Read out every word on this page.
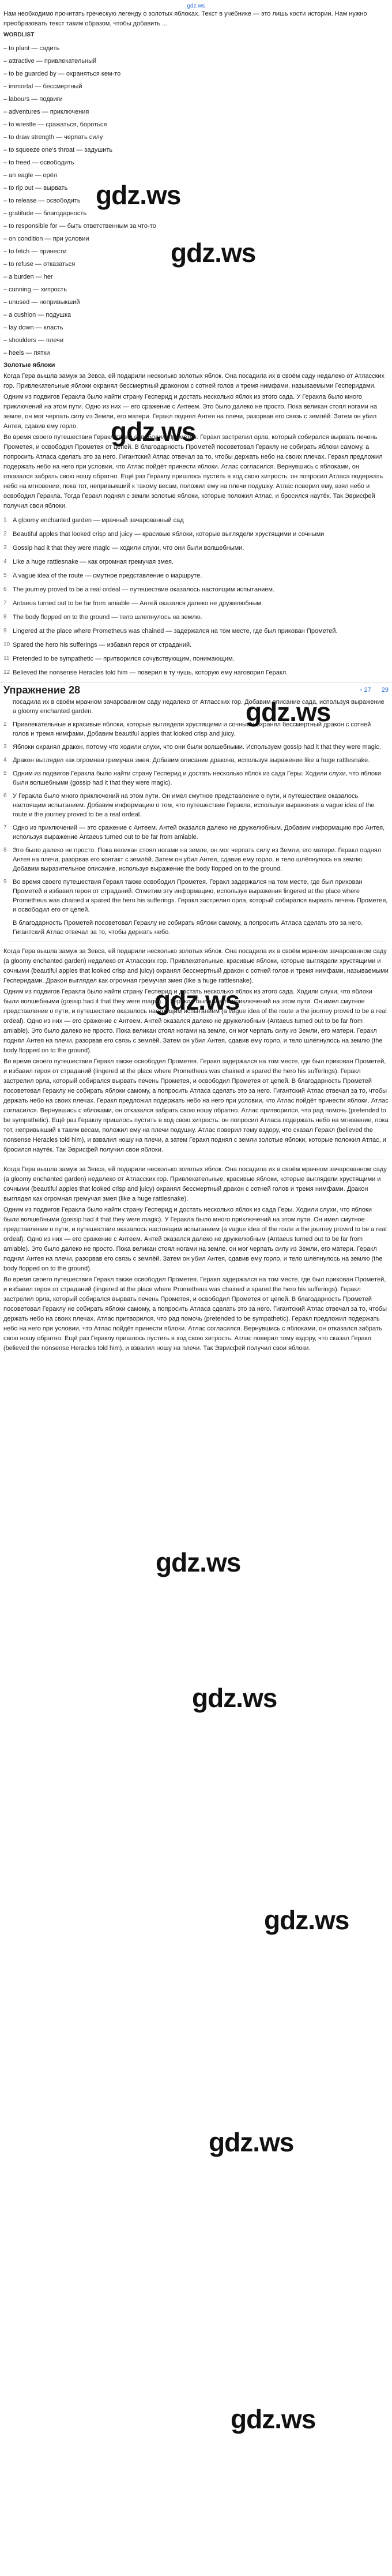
gdz.ws

Нам необходимо прочитать греческую легенду о золотых яблоках. Текст в учебнике — это лишь кости истории. Нам нужно преобразовать текст таким образом, чтобы добавить ...

WORDLIST
– to plant — садить
– attractive — привлекательный
– to be guarded by — охраняться кем-то
– immortal — бессмертный
– labours — подвиги
– adventures — приключения
– to wrestle — сражаться, бороться
– to draw strength — черпать силу
– to squeeze one's throat — задушить
– to freed — освободить
– an eagle — орёл
– to rip out — вырвать
– to release — освободить
– gratitude — благодарность
– to responsible for — быть ответственным за что-то
– on condition — при условии
– to fetch — принести
– to refuse — отказаться
– a burden — her
– cunning — хитрость
– unused — непривыкший
– a cushion — подушка
– lay down — класть
– shoulders — плечи
– heels — пятки
Золотые яблоки

Когда Гера вышла замуж за Зевса, ей подарили несколько золотых яблок. Она посадила их в своём саду недалеко от Атласских гор. Привлекательные яблоки охранял бессмертный драконом с сотней голов и тремя нимфами, называемыми Гесперидами.

Одним из подвигов Геракла было найти страну Гесперид и достать несколько яблок из этого сада. У Геракла было много приключений на этом пути. Одно из них — его сражение с Антеем. Это было далеко не просто. Пока великан стоял ногами на земле, он мог черпать силу из Земли, его матери. Геракл поднял Антея на плечи, разорвав его связь с землёй. Затем он убил Антея, сдавив ему горло.

Во время своего путешествия Геракл также освободил Прометея. Геракл застрелил орла, который собирался вырвать печень Прометея, и освободил Прометея от цепей. В благодарность Прометей посоветовал Гераклу не собирать яблоки самому, а попросить Атласа сделать это за него. Гигантский Атлас отвечал за то, чтобы держать небо на своих плечах. Геракл предложил подержать небо на него при условии, что Атлас пойдёт принести яблоки. Атлас согласился. Вернувшись с яблоками, он отказался забрать свою ношу обратно. Ещё раз Гераклу пришлось пустить в ход свою хитрость: он попросил Атласа подержать небо на мгновение, пока тот, непривыкший к такому весам, положил ему на плечи подушку. Атлас поверил ему, взял небо и освободил Геракла. Тогда Геракл поднял с земли золотые яблоки, которые положил Атлас, и бросился наутёк. Так Эврисфей получил свои яблоки.

1 A gloomy enchanted garden — мрачный зачарованный сад
2 Beautiful apples that looked crisp and juicy — красивые яблоки, которые выглядели хрустящими и сочными
3 Gossip had it that they were magic — ходили слухи, что они были волшебными.
4 Like a huge rattlesnake — как огромная гремучая змея.
5 A vague idea of the route — смутное представление о маршруте.
6 The journey proved to be a real ordeal — путешествие оказалось настоящим испытанием.
7 Antaeus turned out to be far from amiable — Антей оказался далеко не дружелюбным.
8 The body flopped on to the ground — тело шлепнулось на землю.
9 Lingered at the place where Prometheus was chained — задержался на том месте, где был прикован Прометей.
10 Spared the hero his sufferings — избавил героя от страданий.
11 Pretended to be sympathetic — притворился сочувствующим, понимающим.
12 Believed the nonsense Heracles told him — поверил в ту чушь, которую ему наговорил Геракл.
Упражнение 28	‹ 27 29
посадила их в своём мрачном зачарованном саду недалеко от Атласских гор. Добавим описание сада, используя выражение a gloomy enchanted garden.
2 Привлекательные и красивые яблоки, которые выглядели хрустящими и сочными охранял бессмертный дракон с сотней голов и тремя нимфами. Добавим beautiful apples that looked crisp and juicy.
3 Яблоки охранял дракон, потому что ходили слухи, что они были волшебными. Используем gossip had it that they were magic.
4 Дракон выглядел как огромная гремучая змея. Добавим описание дракона, используя выражение like a huge rattlesnake.
5 Одним из подвигов Геракла было найти страну Гесперид и достать несколько яблок из сада Геры. Ходили слухи, что яблоки были волшебными (gossip had it that they were magic).
6 У Геракла было много приключений на этом пути. Он имел смутное представление о пути, и путешествие оказалось настоящим испытанием. Добавим информацию о том, что путешествие Геракла, используя выражения a vague idea of the route и the journey proved to be a real ordeal.
7 Одно из приключений — это сражение с Антеем. Антей оказался далеко не дружелюбным. Добавим информацию про Антея, используя выражение Antaeus turned out to be far from amiable.
8 Это было далеко не просто. Пока великан стоял ногами на земле, он мог черпать силу из Земли, его матери. Геракл поднял Антея на плечи, разорвав его контакт с землёй. Затем он убил Антея, сдавив ему горло, и тело шлёпнулось на землю. Добавим выразительное описание, используя выражение the body flopped on to the ground.
9 Во время своего путешествия Геракл также освободил Прометея. Геракл задержался на том месте, где был прикован Прометей и избавил героя от страданий. Отметим эту информацию, используя выражения lingered at the place where Prometheus was chained и spared the hero his sufferings. Геракл застрелил орла, который собирался вырвать печень Прометея, и освободил его от цепей.
В благодарность Прометей посоветовал Гераклу не собирать яблоки самому, а попросить Атласа сделать это за него. Гигантский Атлас отвечал за то, чтобы держать небо.

Когда Гера вышла замуж за Зевса, ей подарили несколько золотых яблок. Она посадила их в своём мрачном зачарованном саду (a gloomy enchanted garden) недалеко от Атласских гор. Привлекательные, красивые яблоки, которые выглядели хрустящими и сочными (beautiful apples that looked crisp and juicy) охранял бессмертный дракон с сотней голов и тремя нимфами, называемыми Гесперидами. Дракон выглядел как огромная гремучая змея (like a huge rattlesnake).

Одним из подвигов Геракла было найти страну Гесперид и достать несколько яблок из этого сада. Ходили слухи, что яблоки были волшебными (gossip had it that they were magic). У Геракла было много приключений на этом пути. Он имел смутное представление о пути, и путешествие оказалось настоящим испытанием (a vague idea of the route и the journey proved to be a real ordeal). Одно из них — его сражение с Антеем. Антей оказался далеко не дружелюбным (Antaeus turned out to be far from amiable). Это было далеко не просто. Пока великан стоял ногами на земле, он мог черпать силу из Земли, его матери. Геракл поднял Антея на плечи, разорвав его связь с землёй. Затем он убил Антея, сдавив ему горло, и тело шлёпнулось на землю (the body flopped on to the ground).

Во время своего путешествия Геракл также освободил Прометея. Геракл задержался на том месте, где был прикован Прометей, и избавил героя от страданий (lingered at the place where Prometheus was chained и spared the hero his sufferings). Геракл застрелил орла, который собирался вырвать печень Прометея, и освободил Прометея от цепей. В благодарность Прометей посоветовал Гераклу не собирать яблоки самому, а попросить Атласа сделать это за него. Гигантский Атлас отвечал за то, чтобы держать небо на своих плечах. Геракл предложил подержать небо на него при условии, что Атлас пойдёт принести яблоки. Атлас согласился. Вернувшись с яблоками, он отказался забрать свою ношу обратно. Атлас притворился, что рад помочь (pretended to be sympathetic). Ещё раз Гераклу пришлось пустить в ход свою хитрость: он попросил Атласа подержать небо на мгновение, пока тот, непривыкший к таким весам, положил ему на плечи подушку. Атлас поверил тому вздору, что сказал Геракл (believed the nonsense Heracles told him), и взвалил ношу на плечи, а затем Геракл поднял с земли золотые яблоки, которые положил Атлас, и бросился наутёк. Так Эврисфей получил свои яблоки.

Когда Гера вышла замуж за Зевса, ей подарили несколько золотых яблок. Она посадила их в своём мрачном зачарованном саду (a gloomy enchanted garden) недалеко от Атласских гор. Привлекательные, красивые яблоки, которые выглядели хрустящими и сочными (beautiful apples that looked crisp and juicy) охранял бессмертный дракон с сотней голов и тремя нимфами. Дракон выглядел как огромная гремучая змея (like a huge rattlesnake).

Одним из подвигов Геракла было найти страну Гесперид и достать несколько яблок из сада Геры. Ходили слухи, что яблоки были волшебными (gossip had it that they were magic). У Геракла было много приключений на этом пути. Он имел смутное представление о пути, и путешествие оказалось настоящим испытанием (a vague idea of the route и the journey proved to be a real ordeal). Одно из них — его сражение с Антеем. Антей оказался далеко не дружелюбным (Antaeus turned out to be far from amiable). Это было далеко не просто. Пока великан стоял ногами на земле, он мог черпать силу из Земли, его матери. Геракл поднял Антея на плечи, разорвав его связь с землёй. Затем он убил Антея, сдавив ему горло, и тело шлёпнулось на землю (the body flopped on to the ground).

Во время своего путешествия Геракл также освободил Прометея. Геракл задержался на том месте, где был прикован Прометей, и избавил героя от страданий (lingered at the place where Prometheus was chained и spared the hero his sufferings). Геракл застрелил орла, который собирался вырвать печень Прометея, и освободил Прометея от цепей. В благодарность Прометей посоветовал Гераклу не собирать яблоки самому, а попросить Атласа сделать это за него. Гигантский Атлас отвечал за то, чтобы держать небо на своих плечах. Атлас притворился, что рад помочь (pretended to be sympathetic). Геракл предложил подержать небо на него при условии, что Атлас пойдёт принести яблоки. Атлас согласился. Вернувшись с яблоками, он отказался забрать свою ношу обратно. Ещё раз Гераклу пришлось пустить в ход свою хитрость. Атлас поверил тому вздору, что сказал Геракл (believed the nonsense Heracles told him), и взвалил ношу на плечи. Так Эврисфей получил свои яблоки.

gdz.ws
gdz.ws
gdz.ws
gdz.ws
gdz.ws
gdz.ws
gdz.ws
gdz.ws
gdz.ws
gdz.ws
